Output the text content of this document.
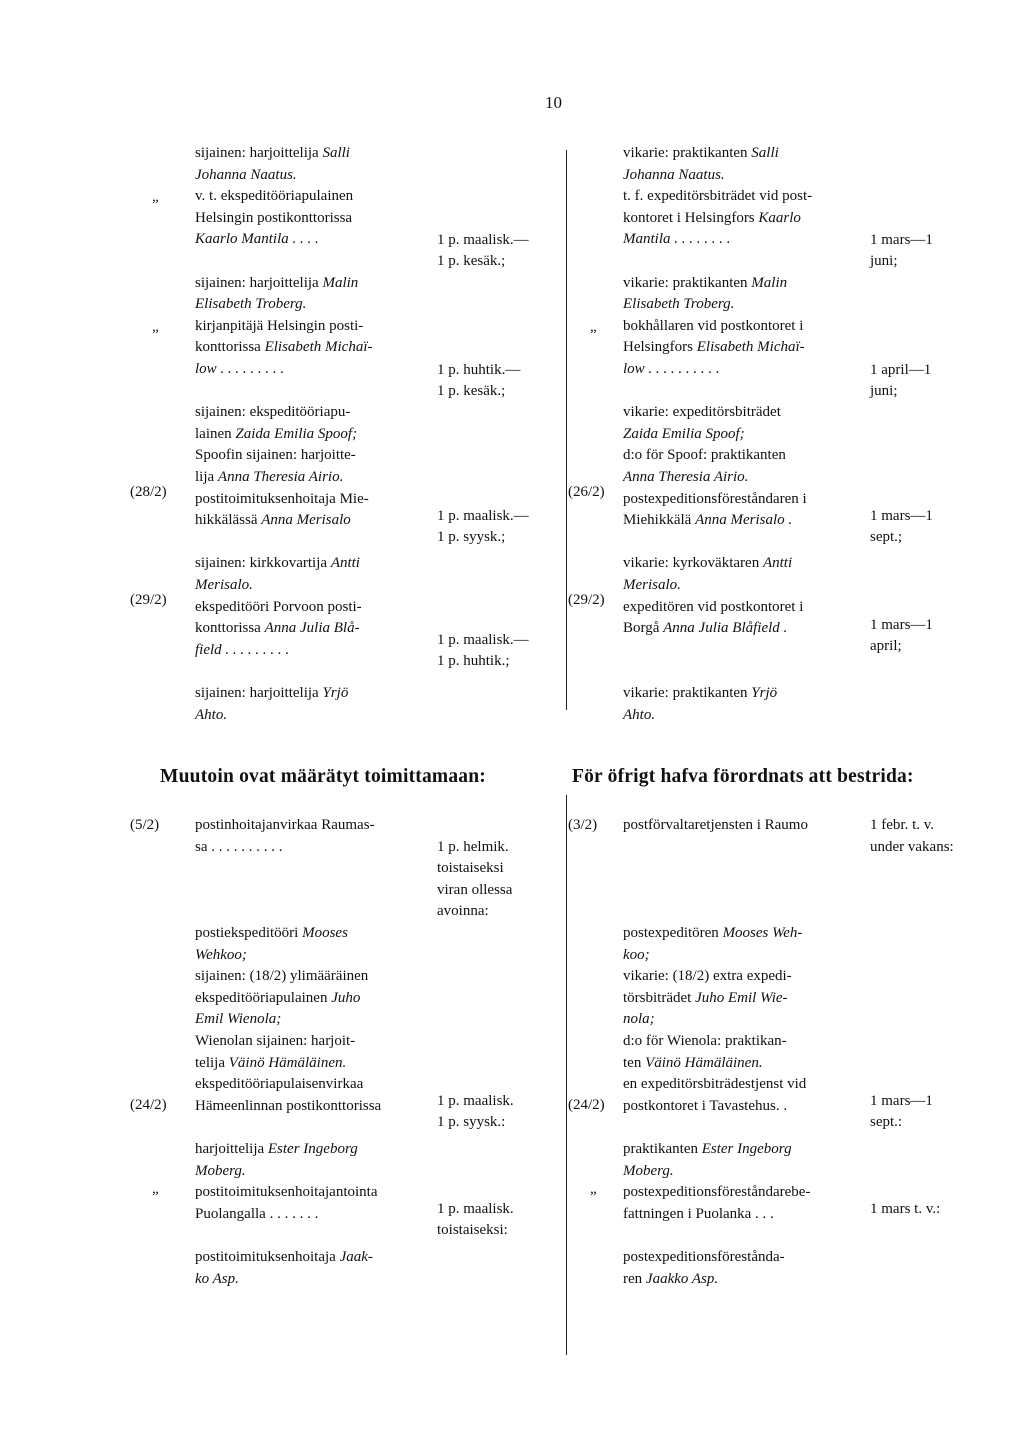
10
sijainen: harjoittelija Salli
Johanna Naatus.
v. t. ekspeditööriapulainen
Helsingin postikonttorissa
Kaarlo Mantila . . . .
sijainen: harjoittelija Malin
Elisabeth Troberg.
kirjanpitäjä Helsingin posti-
konttorissa Elisabeth Michaï-
low . . . . . . . . .
sijainen: ekspeditööriapu-
lainen Zaida Emilia Spoof;
Spoofin sijainen: harjoitte-
lija Anna Theresia Airio.
postitoimituksenhoitaja Mie-
hikkälässä Anna Merisalo
sijainen: kirkkovartija Antti
Merisalo.
ekspeditööri Porvoon posti-
konttorissa Anna Julia Blå-
field . . . . . . . . .
sijainen: harjoittelija Yrjö
Ahto.
vikarie: praktikanten Salli
Johanna Naatus.
t. f. expeditörsbiträdet vid post-
kontoret i Helsingfors Kaarlo
Mantila . . . . . . . .
vikarie: praktikanten Malin
Elisabeth Troberg.
bokhållaren vid postkontoret i
Helsingfors Elisabeth Michaï-
low . . . . . . . . . .
vikarie: expeditörsbiträdet
Zaida Emilia Spoof;
d:o för Spoof: praktikanten
Anna Theresia Airio.
postexpeditionsföreståndaren i
Miehikkälä Anna Merisalo .
vikarie: kyrkoväktaren Antti
Merisalo.
expeditören vid postkontoret i
Borgå Anna Julia Blåfield .
vikarie: praktikanten Yrjö
Ahto.
Muutoin ovat määrätyt toimittamaan:	För öfrigt hafva förordnats att bestrida:
postinhoitajanvirkaa Raumas-
sa . . . . . . . . . .
postiekspeditööri Mooses
Wehkoo;
sijainen: (18/2) ylimääräinen
ekspeditööriapulainen Juho
Emil Wienola;
Wienolan sijainen: harjoit-
telija Väinö Hämäläinen.
ekspeditööriapulaisenvirkaa
Hämeenlinnan postikonttorissa
harjoittelija Ester Ingeborg
Moberg.
postitoimituksenhoitajantointa
Puolangalla . . . . . . .
postitoimituksenhoitaja Jaak-
ko Asp.
postförvaltaretjensten i Raumo
postexpeditören Mooses Weh-
koo;
vikarie: (18/2) extra expedi-
törsbiträdet Juho Emil Wie-
nola;
d:o för Wienola: praktikan-
ten Väinö Hämäläinen.
en expeditörsbiträdestjenst vid
postkontoret i Tavastehus. .
praktikanten Ester Ingeborg
Moberg.
postexpeditionsföreståndarebe-
fattningen i Puolanka . . .
postexpeditionsförestånda-
ren Jaakko Asp.
„
„
(28/2)
(29/2)
„
(26/2)
(29/2)
(5/2)
(24/2)
„
(3/2)
(24/2)
„
1 p. maalisk.—
1 p. kesäk.;
1 p. huhtik.—
1 p. kesäk.;
1 p. maalisk.—
1 p. syysk.;
1 p. maalisk.—
1 p. huhtik.;
1 mars—1
juni;
1 april—1
juni;
1 mars—1
sept.;
1 mars—1
april;
1 p. helmik.
toistaiseksi
viran ollessa
avoinna:
1 p. maalisk.
1 p. syysk.:
1 p. maalisk.
toistaiseksi:
1 febr. t. v.
under vakans:
1 mars—1
sept.:
1 mars t. v.:
